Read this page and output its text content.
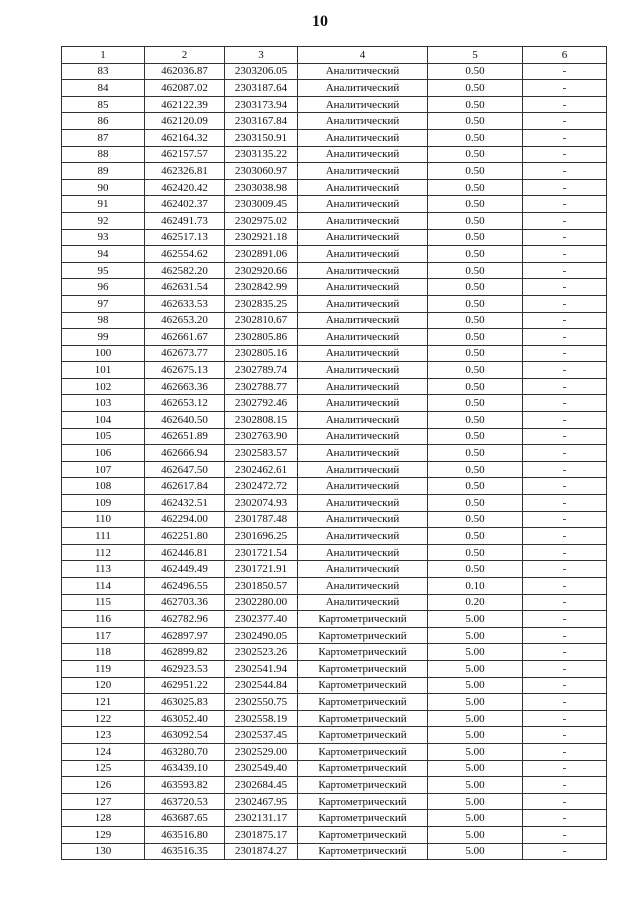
10
1	2	3	4	5	6
83	462036.87	2303206.05	Аналитический	0.50	-
84	462087.02	2303187.64	Аналитический	0.50	-
85	462122.39	2303173.94	Аналитический	0.50	-
86	462120.09	2303167.84	Аналитический	0.50	-
87	462164.32	2303150.91	Аналитический	0.50	-
88	462157.57	2303135.22	Аналитический	0.50	-
89	462326.81	2303060.97	Аналитический	0.50	-
90	462420.42	2303038.98	Аналитический	0.50	-
91	462402.37	2303009.45	Аналитический	0.50	-
92	462491.73	2302975.02	Аналитический	0.50	-
93	462517.13	2302921.18	Аналитический	0.50	-
94	462554.62	2302891.06	Аналитический	0.50	-
95	462582.20	2302920.66	Аналитический	0.50	-
96	462631.54	2302842.99	Аналитический	0.50	-
97	462633.53	2302835.25	Аналитический	0.50	-
98	462653.20	2302810.67	Аналитический	0.50	-
99	462661.67	2302805.86	Аналитический	0.50	-
100	462673.77	2302805.16	Аналитический	0.50	-
101	462675.13	2302789.74	Аналитический	0.50	-
102	462663.36	2302788.77	Аналитический	0.50	-
103	462653.12	2302792.46	Аналитический	0.50	-
104	462640.50	2302808.15	Аналитический	0.50	-
105	462651.89	2302763.90	Аналитический	0.50	-
106	462666.94	2302583.57	Аналитический	0.50	-
107	462647.50	2302462.61	Аналитический	0.50	-
108	462617.84	2302472.72	Аналитический	0.50	-
109	462432.51	2302074.93	Аналитический	0.50	-
110	462294.00	2301787.48	Аналитический	0.50	-
111	462251.80	2301696.25	Аналитический	0.50	-
112	462446.81	2301721.54	Аналитический	0.50	-
113	462449.49	2301721.91	Аналитический	0.50	-
114	462496.55	2301850.57	Аналитический	0.10	-
115	462703.36	2302280.00	Аналитический	0.20	-
116	462782.96	2302377.40	Картометрический	5.00	-
117	462897.97	2302490.05	Картометрический	5.00	-
118	462899.82	2302523.26	Картометрический	5.00	-
119	462923.53	2302541.94	Картометрический	5.00	-
120	462951.22	2302544.84	Картометрический	5.00	-
121	463025.83	2302550.75	Картометрический	5.00	-
122	463052.40	2302558.19	Картометрический	5.00	-
123	463092.54	2302537.45	Картометрический	5.00	-
124	463280.70	2302529.00	Картометрический	5.00	-
125	463439.10	2302549.40	Картометрический	5.00	-
126	463593.82	2302684.45	Картометрический	5.00	-
127	463720.53	2302467.95	Картометрический	5.00	-
128	463687.65	2302131.17	Картометрический	5.00	-
129	463516.80	2301875.17	Картометрический	5.00	-
130	463516.35	2301874.27	Картометрический	5.00	-
